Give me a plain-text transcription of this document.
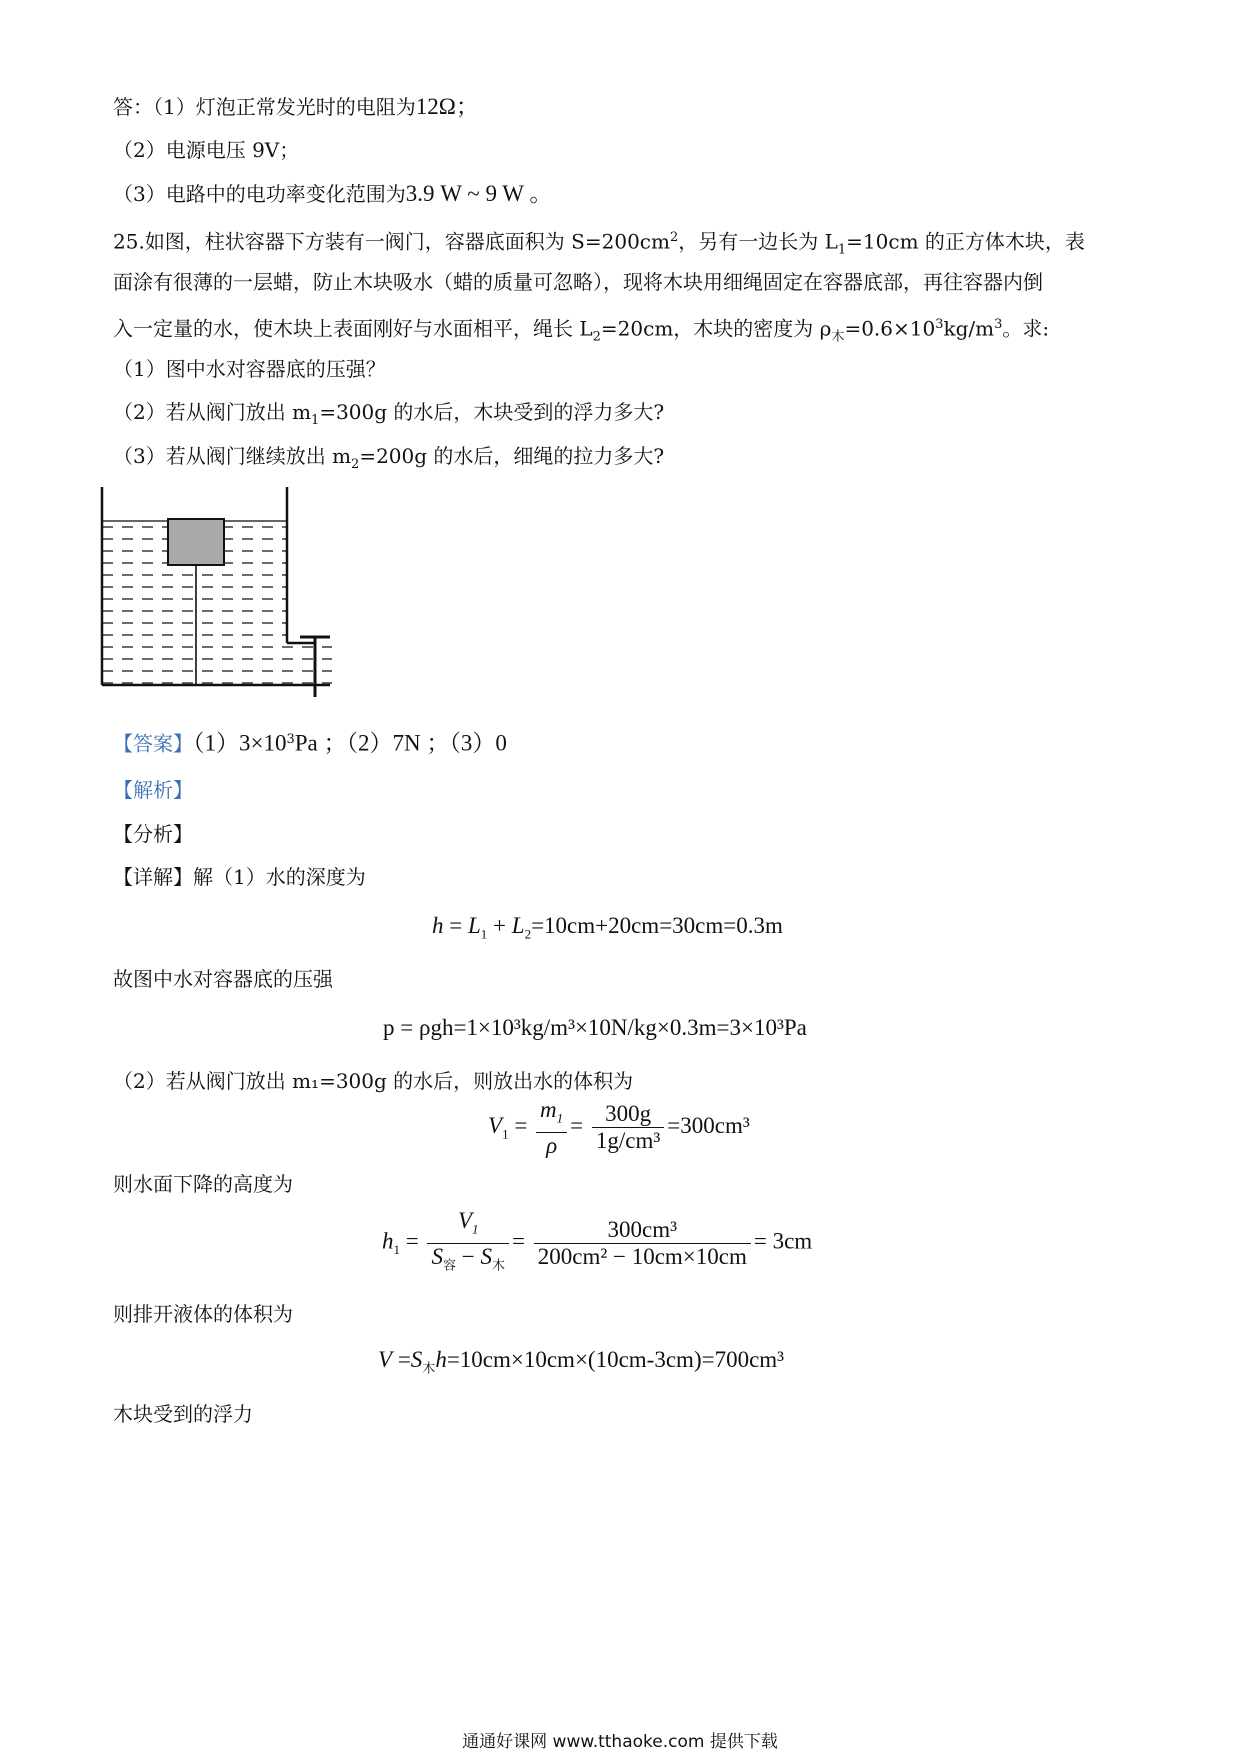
答：（1）灯泡正常发光时的电阻为12Ω；
（2）电源电压 9V；
（3）电路中的电功率变化范围为3.9 W ~ 9 W 。
25.如图，柱状容器下方装有一阀门，容器底面积为 $S=200cm^2$，另有一边长为 $L_1=10cm$ 的正方体木块，表
面涂有很薄的一层蜡，防止木块吸水（蜡的质量可忽略），现将木块用细绳固定在容器底部，再往容器内倒
入一定量的水，使木块上表面刚好与水面相平，绳长 $L_2=20cm$，木块的密度为 $\rho_木=0.6\times 10^3kg/m^3$。求:
（1）图中水对容器底的压强？
（2）若从阀门放出 $m_1=300g$ 的水后，木块受到的浮力多大?
（3）若从阀门继续放出 $m_2=200g$ 的水后，细绳的拉力多大?
【答案】$(1)3\times 10^3Pa$ ；（2）7N ；（3）0
【解析】
【分析】
【详解】解（1）水的深度为
$h = L_1 + L_2=10cm+20cm=30cm=0.3m$
故图中水对容器底的压强
p = ρgh=1×10³kg/m³×10N/kg×0.3m=3×10³Pa
（2）若从阀门放出 m₁=300g 的水后，则放出水的体积为
$V_1 = \frac{m_1}{\rho} = \frac{300g}{\text{1g/cm³}} =300cm^3$
则水面下降的高度为
$h_1 = \frac{V_1}{S_容 - S_木} = \frac{\text{300cm³}}{\text{200cm² − 10cm×10cm}} = 3cm$
则排开液体的体积为
$V =S_木h=10cm\times 10cm\times(10cm-3cm)=700cm^3$
木块受到的浮力
通通好课网 www.tthaoke.com 提供下载
